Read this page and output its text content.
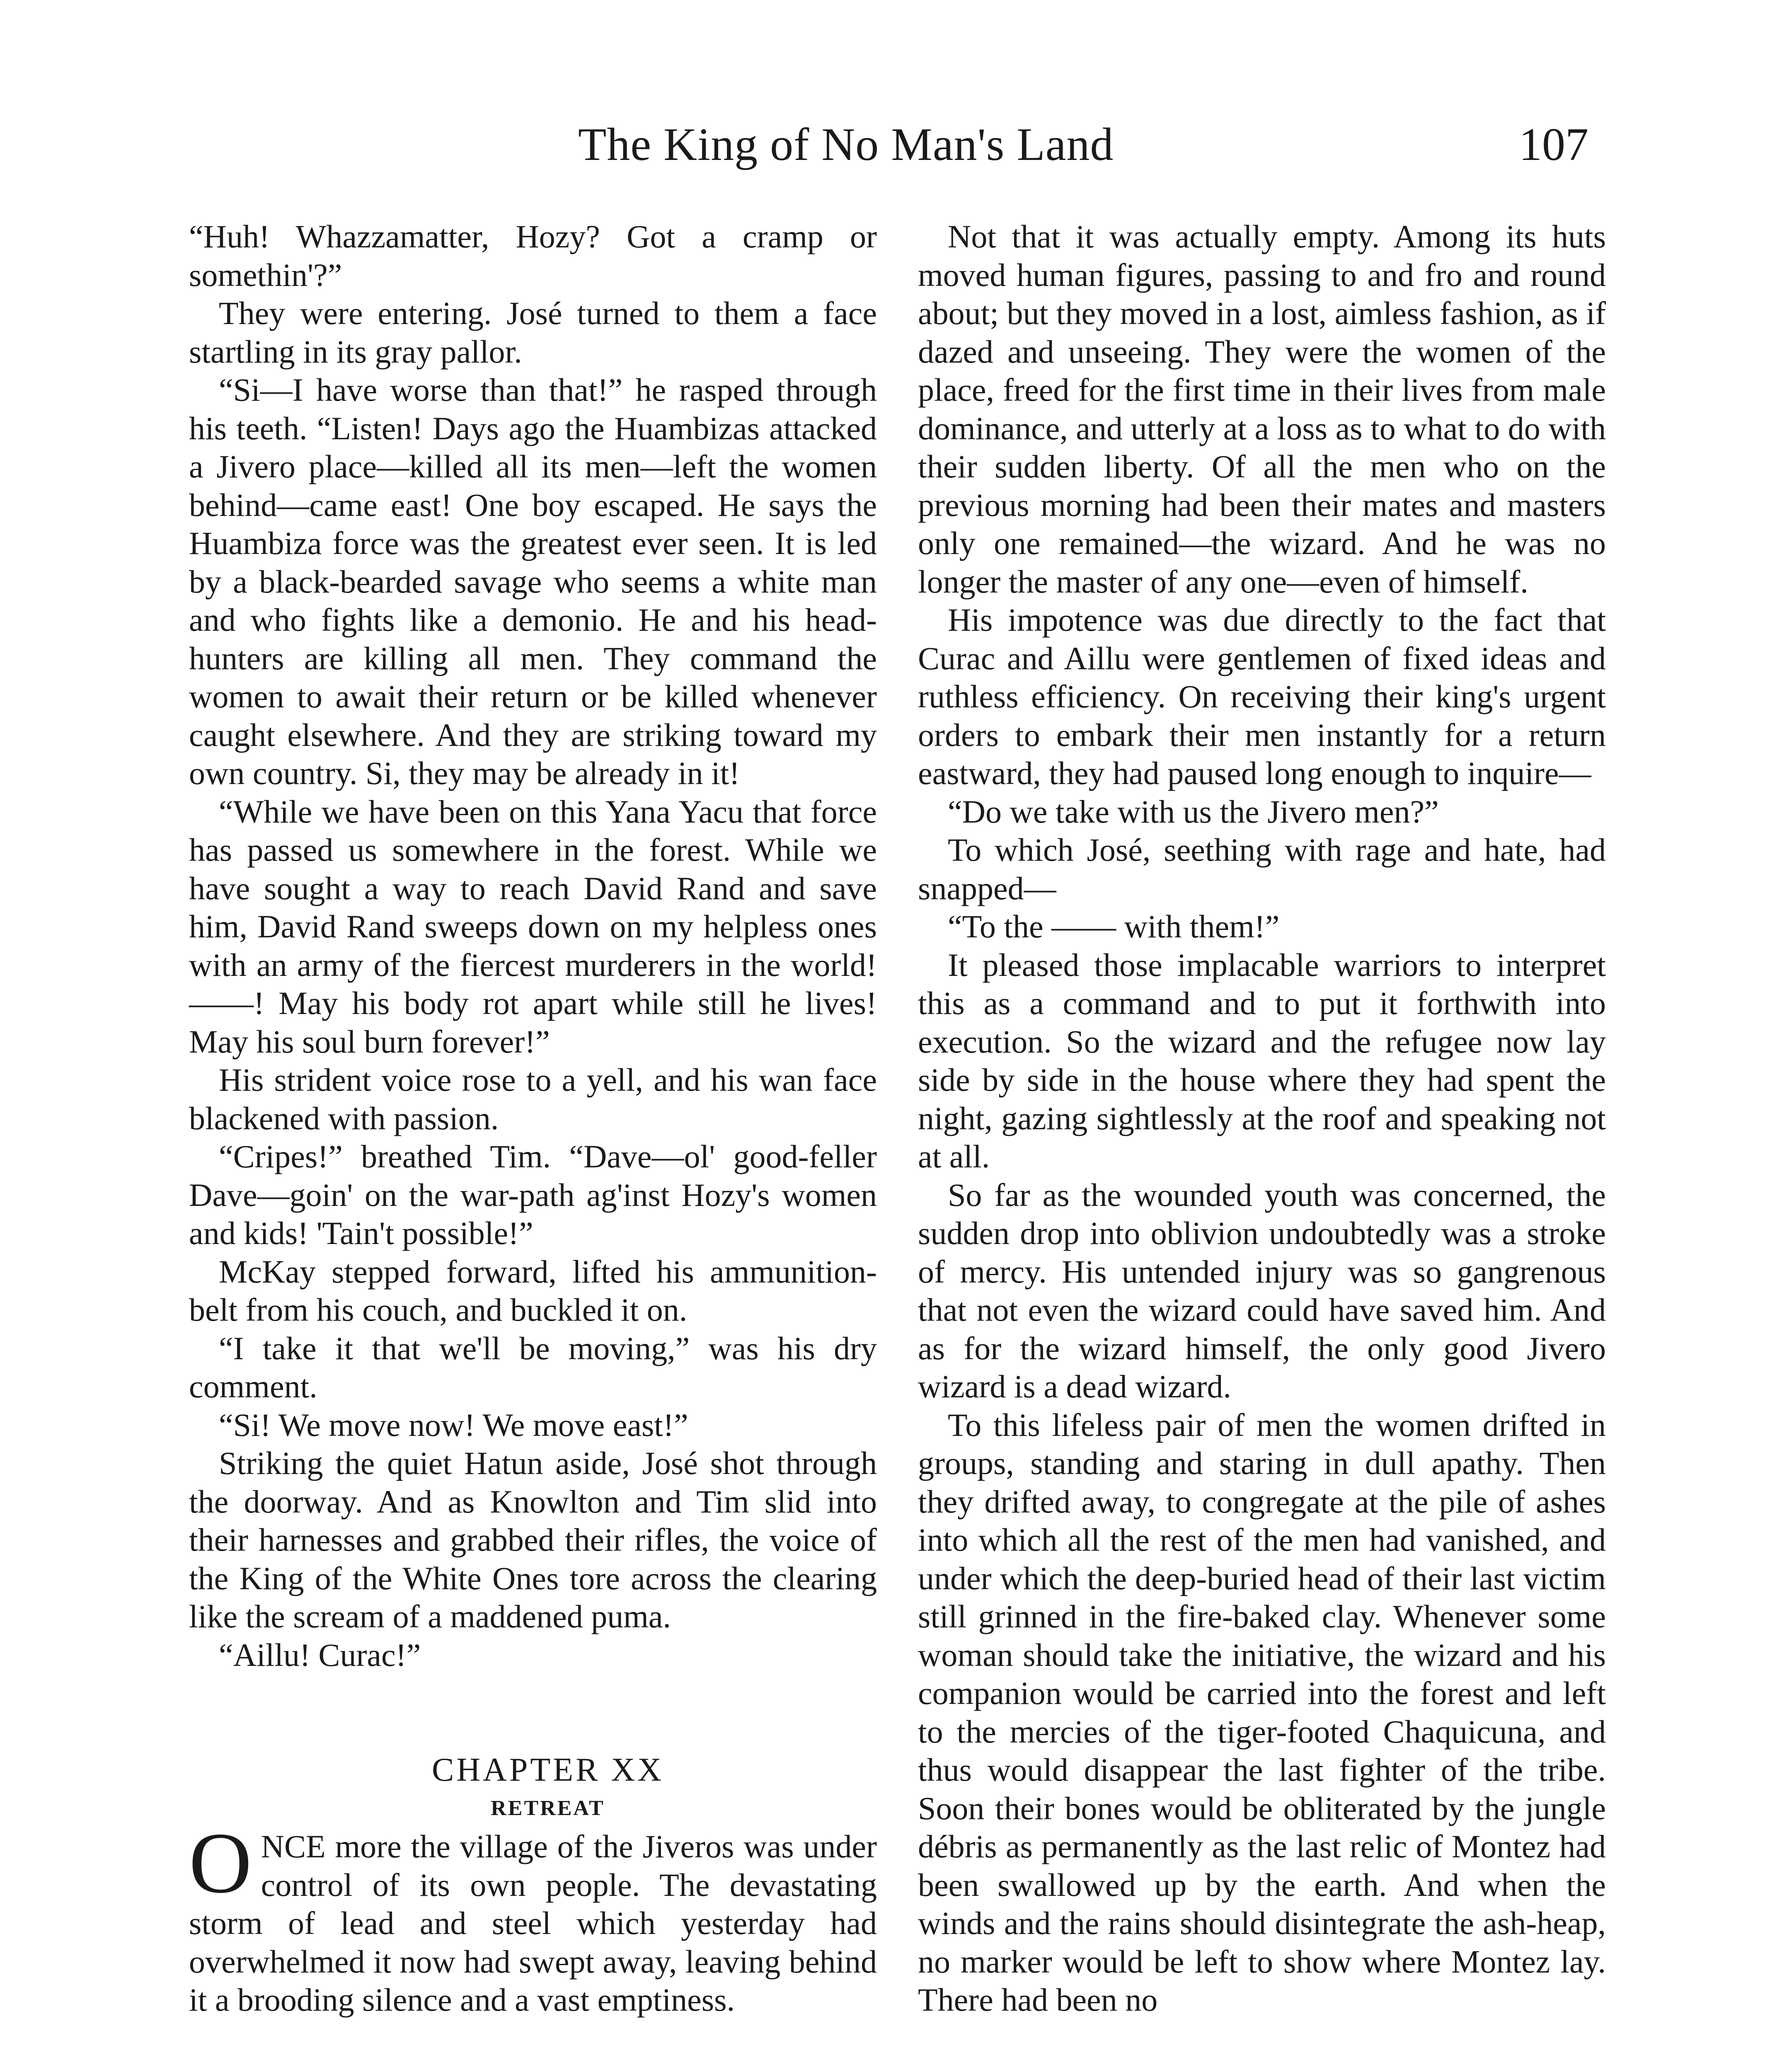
The King of No Man's Land	107

“Huh! Whazzamatter, Hozy? Got a cramp or somethin'?”

They were entering. José turned to them a face startling in its gray pallor.

“Si—I have worse than that!” he rasped through his teeth. “Listen! Days ago the Huambizas attacked a Jivero place—killed all its men—left the women behind—came east! One boy escaped. He says the Huambiza force was the greatest ever seen. It is led by a black-bearded savage who seems a white man and who fights like a demonio. He and his head-hunters are killing all men. They command the women to await their return or be killed whenever caught elsewhere. And they are striking toward my own country. Si, they may be already in it!

“While we have been on this Yana Yacu that force has passed us somewhere in the forest. While we have sought a way to reach David Rand and save him, David Rand sweeps down on my helpless ones with an army of the fiercest murderers in the world! ——! May his body rot apart while still he lives! May his soul burn forever!”

His strident voice rose to a yell, and his wan face blackened with passion.

“Cripes!” breathed Tim. “Dave—ol' good-feller Dave—goin' on the war-path ag'inst Hozy's women and kids! 'Tain't possible!”

McKay stepped forward, lifted his ammunition-belt from his couch, and buckled it on.

“I take it that we'll be moving,” was his dry comment.

“Si! We move now! We move east!”

Striking the quiet Hatun aside, José shot through the doorway. And as Knowlton and Tim slid into their harnesses and grabbed their rifles, the voice of the King of the White Ones tore across the clearing like the scream of a maddened puma.

“Aillu! Curac!”

CHAPTER XX

RETREAT

O NCE more the village of the Jiveros was under control of its own people. The devastating storm of lead and steel which yesterday had overwhelmed it now had swept away, leaving behind it a brooding silence and a vast emptiness.

Not that it was actually empty. Among its huts moved human figures, passing to and fro and round about; but they moved in a lost, aimless fashion, as if dazed and unseeing. They were the women of the place, freed for the first time in their lives from male dominance, and utterly at a loss as to what to do with their sudden liberty. Of all the men who on the previous morning had been their mates and masters only one remained—the wizard. And he was no longer the master of any one—even of himself.

His impotence was due directly to the fact that Curac and Aillu were gentlemen of fixed ideas and ruthless efficiency. On receiving their king's urgent orders to embark their men instantly for a return eastward, they had paused long enough to inquire—

“Do we take with us the Jivero men?”

To which José, seething with rage and hate, had snapped—

“To the —— with them!”

It pleased those implacable warriors to interpret this as a command and to put it forthwith into execution. So the wizard and the refugee now lay side by side in the house where they had spent the night, gazing sightlessly at the roof and speaking not at all.

So far as the wounded youth was concerned, the sudden drop into oblivion undoubtedly was a stroke of mercy. His untended injury was so gangrenous that not even the wizard could have saved him. And as for the wizard himself, the only good Jivero wizard is a dead wizard.

To this lifeless pair of men the women drifted in groups, standing and staring in dull apathy. Then they drifted away, to congregate at the pile of ashes into which all the rest of the men had vanished, and under which the deep-buried head of their last victim still grinned in the fire-baked clay. Whenever some woman should take the initiative, the wizard and his companion would be carried into the forest and left to the mercies of the tiger-footed Chaquicuna, and thus would disappear the last fighter of the tribe. Soon their bones would be obliterated by the jungle débris as permanently as the last relic of Montez had been swallowed up by the earth. And when the winds and the rains should disintegrate the ash-heap, no marker would be left to show where Montez lay. There had been no
